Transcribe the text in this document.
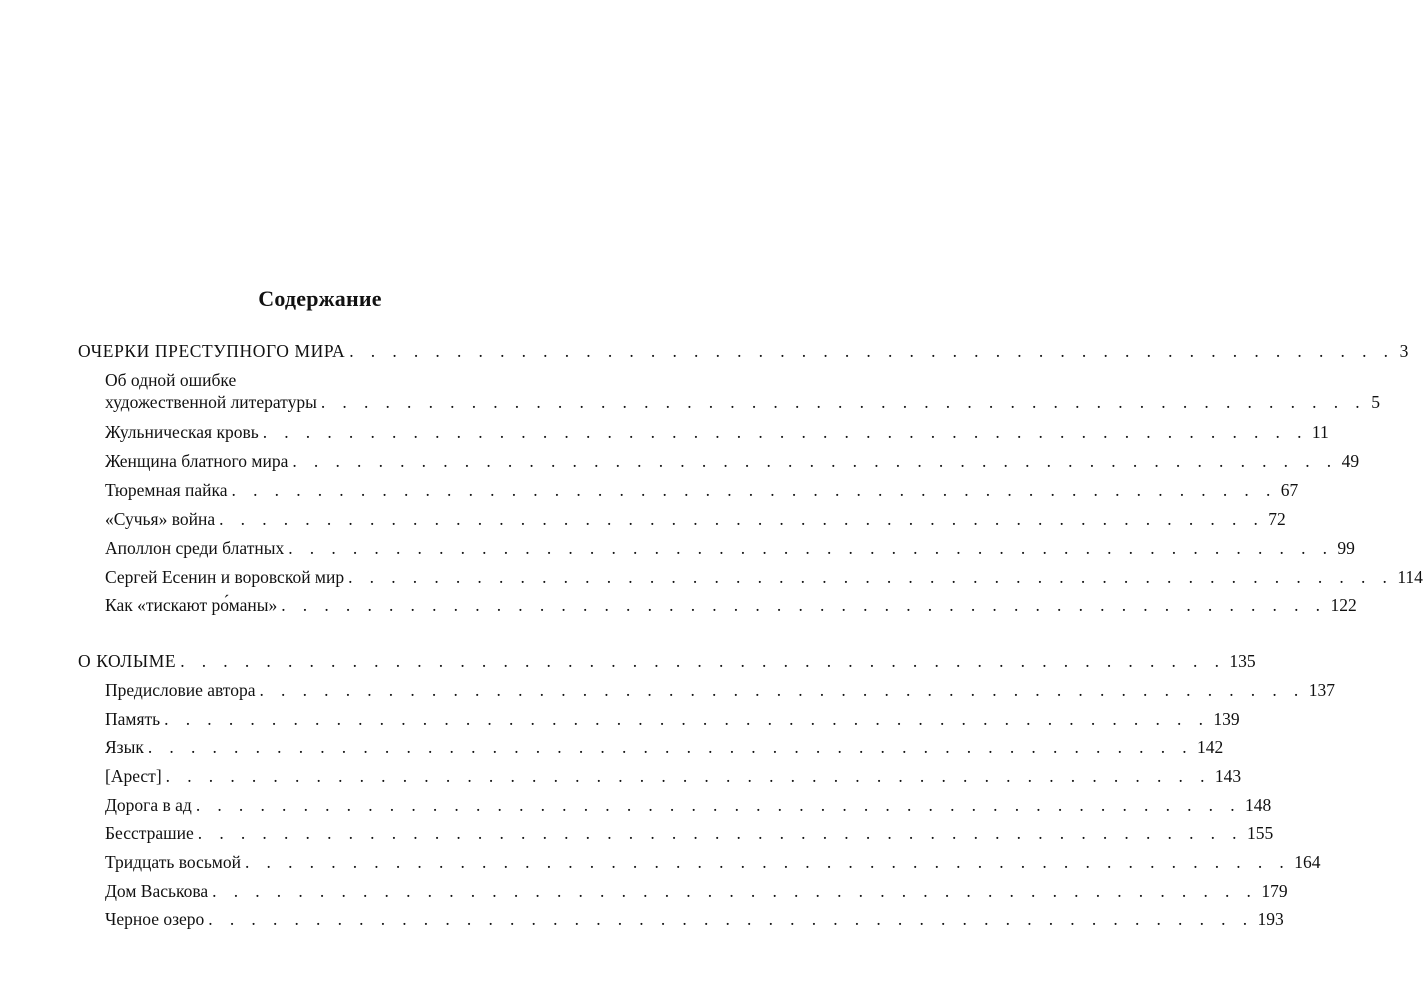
Содержание
ОЧЕРКИ ПРЕСТУПНОГО МИРА . . . . . . . . . . . . . . . . . . . . . . . . . . . . . . . . . . . . . . . . . . . . . . . . . 3
Об одной ошибке
художественной литературы . . . . . . . . . . . . . . . . . . . . . . . . . . . . . . . . . . . . . . . . . . . . . . . . . 5
Жульническая кровь . . . . . . . . . . . . . . . . . . . . . . . . . . . . . . . . . . . . . . . . . . . . . . . . . 11
Женщина блатного мира . . . . . . . . . . . . . . . . . . . . . . . . . . . . . . . . . . . . . . . . . . . . . . . . . 49
Тюремная пайка . . . . . . . . . . . . . . . . . . . . . . . . . . . . . . . . . . . . . . . . . . . . . . . . . 67
«Сучья» война . . . . . . . . . . . . . . . . . . . . . . . . . . . . . . . . . . . . . . . . . . . . . . . . . 72
Аполлон среди блатных . . . . . . . . . . . . . . . . . . . . . . . . . . . . . . . . . . . . . . . . . . . . . . . . . 99
Сергей Есенин и воровской мир . . . . . . . . . . . . . . . . . . . . . . . . . . . . . . . . . . . . . . . . . . . . . . . . . 114
Как «тискают ро́маны» . . . . . . . . . . . . . . . . . . . . . . . . . . . . . . . . . . . . . . . . . . . . . . . . . 122
О КОЛЫМЕ . . . . . . . . . . . . . . . . . . . . . . . . . . . . . . . . . . . . . . . . . . . . . . . . . 135
Предисловие автора . . . . . . . . . . . . . . . . . . . . . . . . . . . . . . . . . . . . . . . . . . . . . . . . . 137
Память . . . . . . . . . . . . . . . . . . . . . . . . . . . . . . . . . . . . . . . . . . . . . . . . . 139
Язык . . . . . . . . . . . . . . . . . . . . . . . . . . . . . . . . . . . . . . . . . . . . . . . . . 142
[Арест] . . . . . . . . . . . . . . . . . . . . . . . . . . . . . . . . . . . . . . . . . . . . . . . . . 143
Дорога в ад . . . . . . . . . . . . . . . . . . . . . . . . . . . . . . . . . . . . . . . . . . . . . . . . . 148
Бесстрашие . . . . . . . . . . . . . . . . . . . . . . . . . . . . . . . . . . . . . . . . . . . . . . . . . 155
Тридцать восьмой . . . . . . . . . . . . . . . . . . . . . . . . . . . . . . . . . . . . . . . . . . . . . . . . . 164
Дом Васькова . . . . . . . . . . . . . . . . . . . . . . . . . . . . . . . . . . . . . . . . . . . . . . . . . 179
Черное озеро . . . . . . . . . . . . . . . . . . . . . . . . . . . . . . . . . . . . . . . . . . . . . . . . . 193
